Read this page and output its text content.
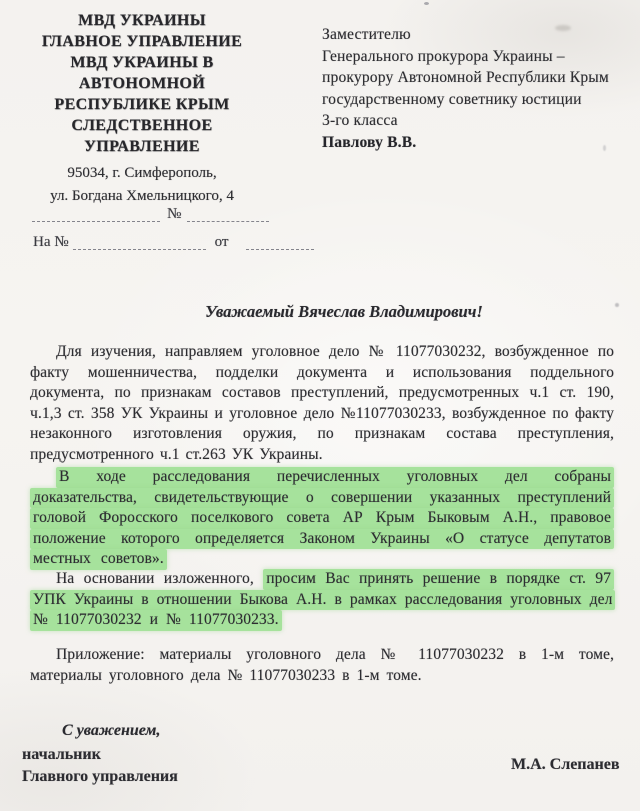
МВД УКРАИНЫ
ГЛАВНОЕ УПРАВЛЕНИЕ
МВД УКРАИНЫ В
АВТОНОМНОЙ
РЕСПУБЛИКЕ КРЫМ
СЛЕДСТВЕННОЕ
УПРАВЛЕНИЕ
95034, г. Симферополь,
ул. Богдана Хмельницкого, 4
№
На №	от
Заместителю
Генерального прокурора Украины –
прокурору Автономной Республики Крым
государственному советнику юстиции
3-го класса
Павлову В.В.
Уважаемый Вячеслав Владимирович!

Для изучения, направляем уголовное дело № 11077030232, возбужденное по факту мошенничества, подделки документа и использования поддельного документа, по признакам составов преступлений, предусмотренных ч.1 ст. 190, ч.1,3 ст. 358 УК Украины и уголовное дело №11077030233, возбужденное по факту незаконного изготовления оружия, по признакам состава преступления, предусмотренного ч.1 ст.263 УК Украины.

В ходе расследования перечисленных уголовных дел собраны доказательства, свидетельствующие о совершении указанных преступлений головой Форосского поселкового совета АР Крым Быковым А.Н., правовое положение которого определяется Законом Украины «О статусе депутатов местных советов».

На основании изложенного, просим Вас принять решение в порядке ст. 97 УПК Украины в отношении Быкова А.Н. в рамках расследования уголовных дел № 11077030232 и № 11077030233.

Приложение: материалы уголовного дела № 11077030232 в 1-м томе, материалы уголовного дела № 11077030233 в 1-м томе.

С уважением,
начальник
Главного управления
М.А. Слепанев
